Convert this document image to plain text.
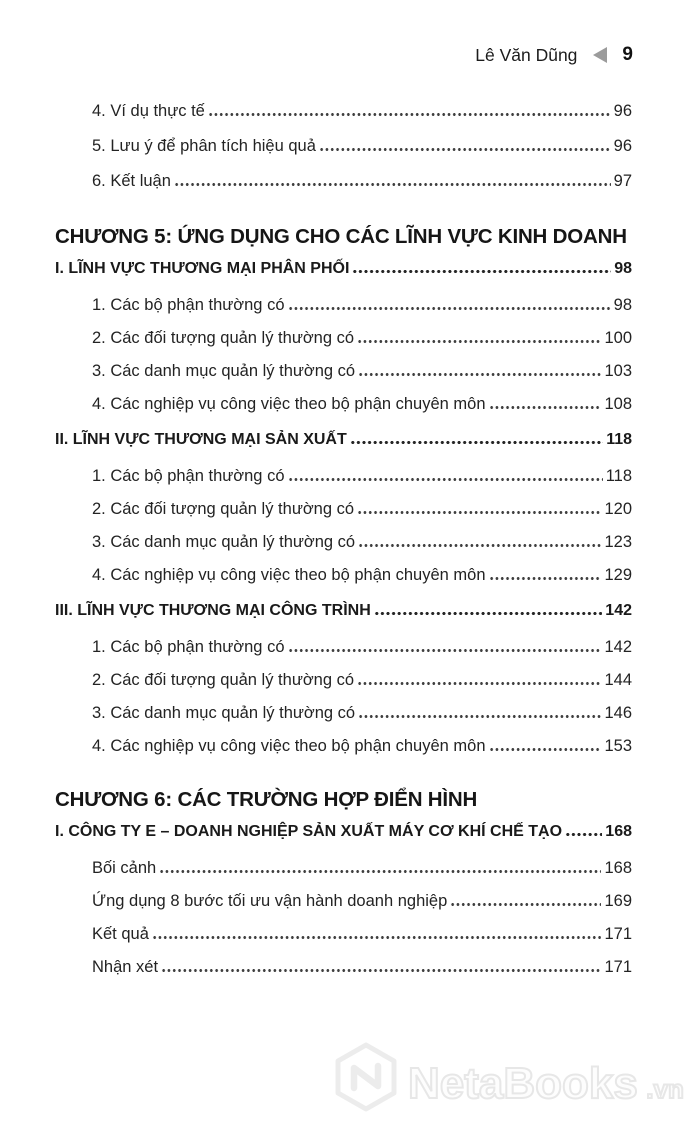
Lê Văn Dũng 9
4. Ví dụ thực tế	96
5. Lưu ý để phân tích hiệu quả	96
6. Kết luận	97
CHƯƠNG 5: ỨNG DỤNG CHO CÁC LĨNH VỰC KINH DOANH
I. LĨNH VỰC THƯƠNG MẠI PHÂN PHỐI	98
1. Các bộ phận thường có	98
2. Các đối tượng quản lý thường có	100
3. Các danh mục quản lý thường có	103
4. Các nghiệp vụ công việc theo bộ phận chuyên môn	108
II. LĨNH VỰC THƯƠNG MẠI SẢN XUẤT	118
1. Các bộ phận thường có	118
2. Các đối tượng quản lý thường có	120
3. Các danh mục quản lý thường có	123
4. Các nghiệp vụ công việc theo bộ phận chuyên môn	129
III. LĨNH VỰC THƯƠNG MẠI CÔNG TRÌNH	142
1. Các bộ phận thường có	142
2. Các đối tượng quản lý thường có	144
3. Các danh mục quản lý thường có	146
4. Các nghiệp vụ công việc theo bộ phận chuyên môn	153
CHƯƠNG 6: CÁC TRƯỜNG HỢP ĐIỂN HÌNH
I. CÔNG TY E – DOANH NGHIỆP SẢN XUẤT MÁY CƠ KHÍ CHẾ TẠO	168
Bối cảnh	168
Ứng dụng 8 bước tối ưu vận hành doanh nghiệp	169
Kết quả	171
Nhận xét	171
NetaBooks .vn
